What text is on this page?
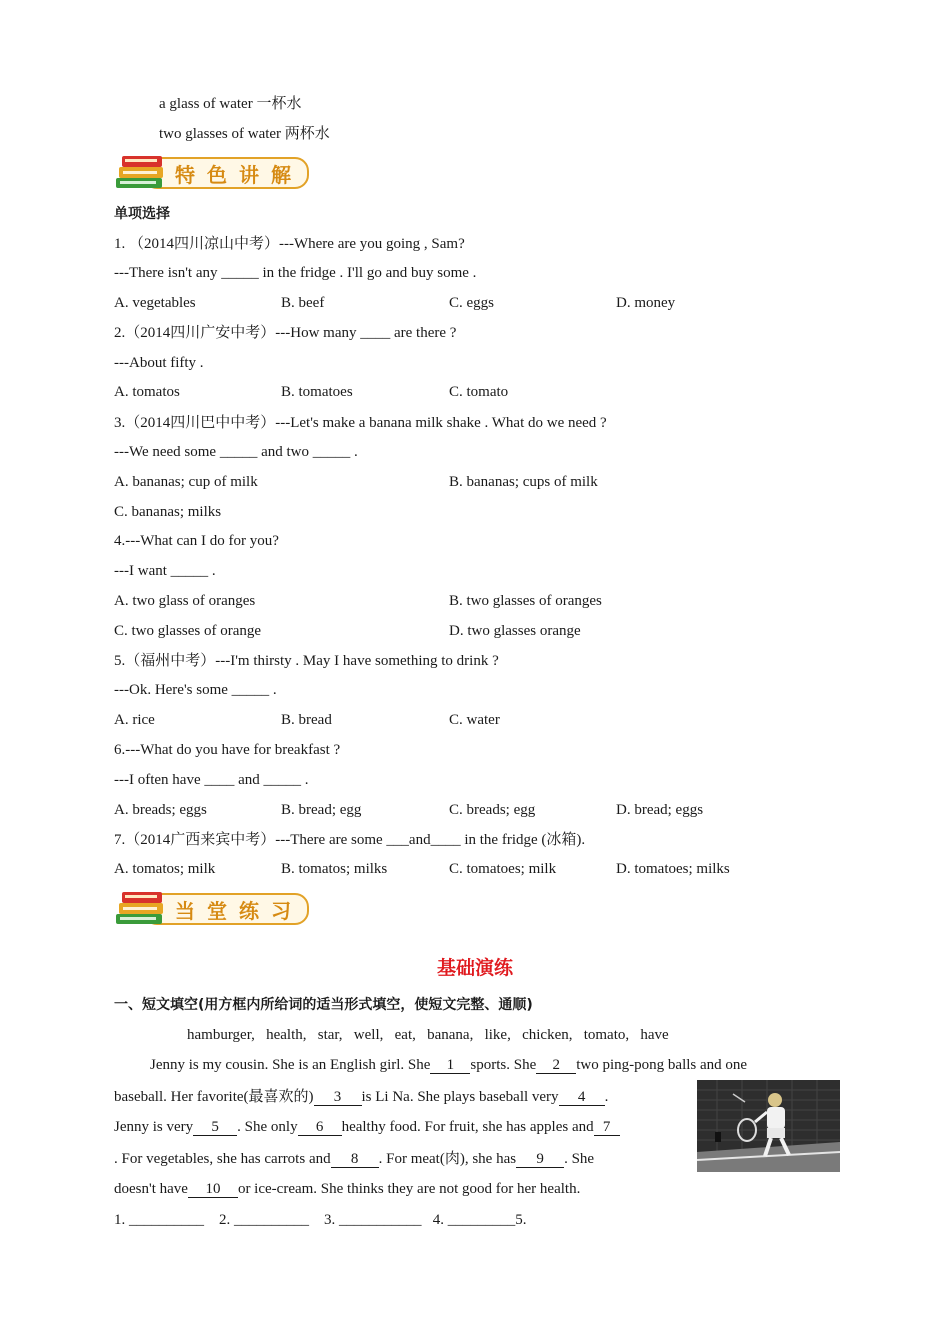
a glass of water 一杯水
two glasses of water 两杯水
特色讲解
单项选择
1. （2014四川凉山中考）---Where are you going , Sam?
---There isn't any _____ in the fridge . I'll go and buy some .
A. vegetables	B. beef	C. eggs	D. money
2.（2014四川广安中考）---How many ____ are there ?
---About fifty .
A. tomatos	B. tomatoes	C. tomato
3.（2014四川巴中中考）---Let's make a banana milk shake . What do we need ?
---We need some _____ and two _____ .
A. bananas; cup of milk	B. bananas; cups of milk
C. bananas; milks
4.---What can I do for you?
---I want _____ .
A. two glass of oranges	B. two glasses of oranges
C. two glasses of orange	D. two glasses orange
5.（福州中考）---I'm thirsty . May I have something to drink ?
---Ok. Here's some _____ .
A. rice	B. bread	C. water
6.---What do you have for breakfast ?
---I often have ____ and _____ .
A. breads; eggs	B. bread; egg	C. breads; egg	D. bread; eggs
7.（2014广西来宾中考）---There are some ___and____ in the fridge (冰箱).
A. tomatos; milk	B. tomatos; milks	C. tomatoes; milk	D. tomatoes; milks
当堂练习
基础演练
一、短文填空(用方框内所给词的适当形式填空，使短文完整、通顺)
hamburger,   health,   star,   well,   eat,   banana,   like,   chicken,   tomato,   have
Jenny is my cousin. She is an English girl. She 1 sports. She 2 two ping-pong balls and one
baseball. Her favorite(最喜欢的) 3 is Li Na. She plays baseball very 4 .
Jenny is very 5 . She only 6 healthy food. For fruit, she has apples and 7
. For vegetables, she has carrots and 8 . For meat(肉), she has 9 . She
doesn't have 10 or ice-cream. She thinks they are not good for her health.
1. __________    2. __________    3. ___________   4. _________5.
